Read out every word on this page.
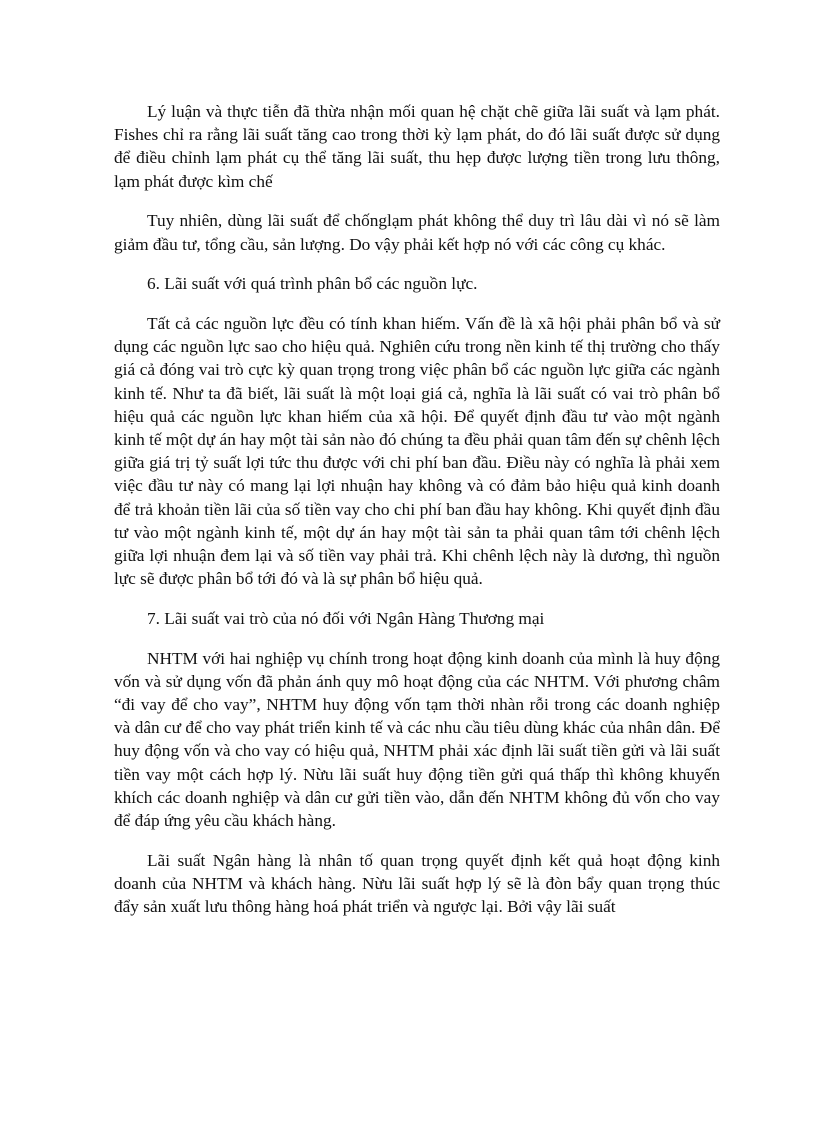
Lý luận và thực tiễn đã thừa nhận mối quan hệ chặt chẽ giữa lãi suất và lạm phát. Fishes chỉ ra rằng lãi suất tăng cao trong thời kỳ lạm phát, do đó lãi suất được sử dụng để điều chỉnh lạm phát cụ thể tăng lãi suất, thu hẹp được lượng tiền trong lưu thông, lạm phát được kìm chế

Tuy nhiên, dùng lãi suất để chốnglạm phát không thể duy trì lâu dài vì nó sẽ làm giảm đầu tư, tổng cầu, sản lượng. Do vậy phải kết hợp nó với các công cụ khác.

6. Lãi suất với quá trình phân bổ các nguồn lực.

Tất cả các nguồn lực đều có tính khan hiếm. Vấn đề là xã hội phải phân bổ và sử dụng các nguồn lực sao cho hiệu quả. Nghiên cứu trong nền kinh tế thị trường cho thấy giá cả đóng vai trò cực kỳ quan trọng trong việc phân bổ các nguồn lực giữa các ngành kinh tế. Như ta đã biết, lãi suất là một loại giá cả, nghĩa là lãi suất có vai trò phân bổ hiệu quả các nguồn lực khan hiếm của xã hội. Để quyết định đầu tư vào một ngành kinh tế một dự án hay một tài sản nào đó chúng ta đều phải quan tâm đến sự chênh lệch giữa giá trị tỷ suất lợi tức thu được với chi phí ban đầu. Điều này có nghĩa là phải xem việc đầu tư này có mang lại lợi nhuận hay không và có đảm bảo hiệu quả kinh doanh để trả khoản tiền lãi của số tiền vay cho chi phí ban đầu hay không. Khi quyết định đầu tư vào một ngành kinh tế, một dự án hay một tài sản ta phải quan tâm tới chênh lệch giữa lợi nhuận đem lại và số tiền vay phải trả. Khi chênh lệch này là dương, thì nguồn lực sẽ được phân bổ tới đó và là sự phân bổ hiệu quả.

7. Lãi suất vai trò của nó đối với Ngân Hàng Thương mại

NHTM với hai nghiệp vụ chính trong hoạt động kinh doanh của mình là huy động vốn và sử dụng vốn đã phản ánh quy mô hoạt động của các NHTM. Với phương châm “đi vay để cho vay”, NHTM huy động vốn tạm thời nhàn rỗi trong các doanh nghiệp và dân cư để cho vay phát triển kinh tế và các nhu cầu tiêu dùng khác của nhân dân. Để huy động vốn và cho vay có hiệu quả, NHTM phải xác định lãi suất tiền gửi và lãi suất tiền vay một cách hợp lý. Nừu lãi suất huy động tiền gửi quá thấp thì không khuyến khích các doanh nghiệp và dân cư gửi tiền vào, dẫn đến NHTM không đủ vốn cho vay để đáp ứng yêu cầu khách hàng.

Lãi suất Ngân hàng là nhân tố quan trọng quyết định kết quả hoạt động kinh doanh của NHTM và khách hàng. Nừu lãi suất hợp lý sẽ là đòn bẩy quan trọng thúc đẩy sản xuất lưu thông hàng hoá phát triển và ngược lại. Bởi vậy lãi suất
